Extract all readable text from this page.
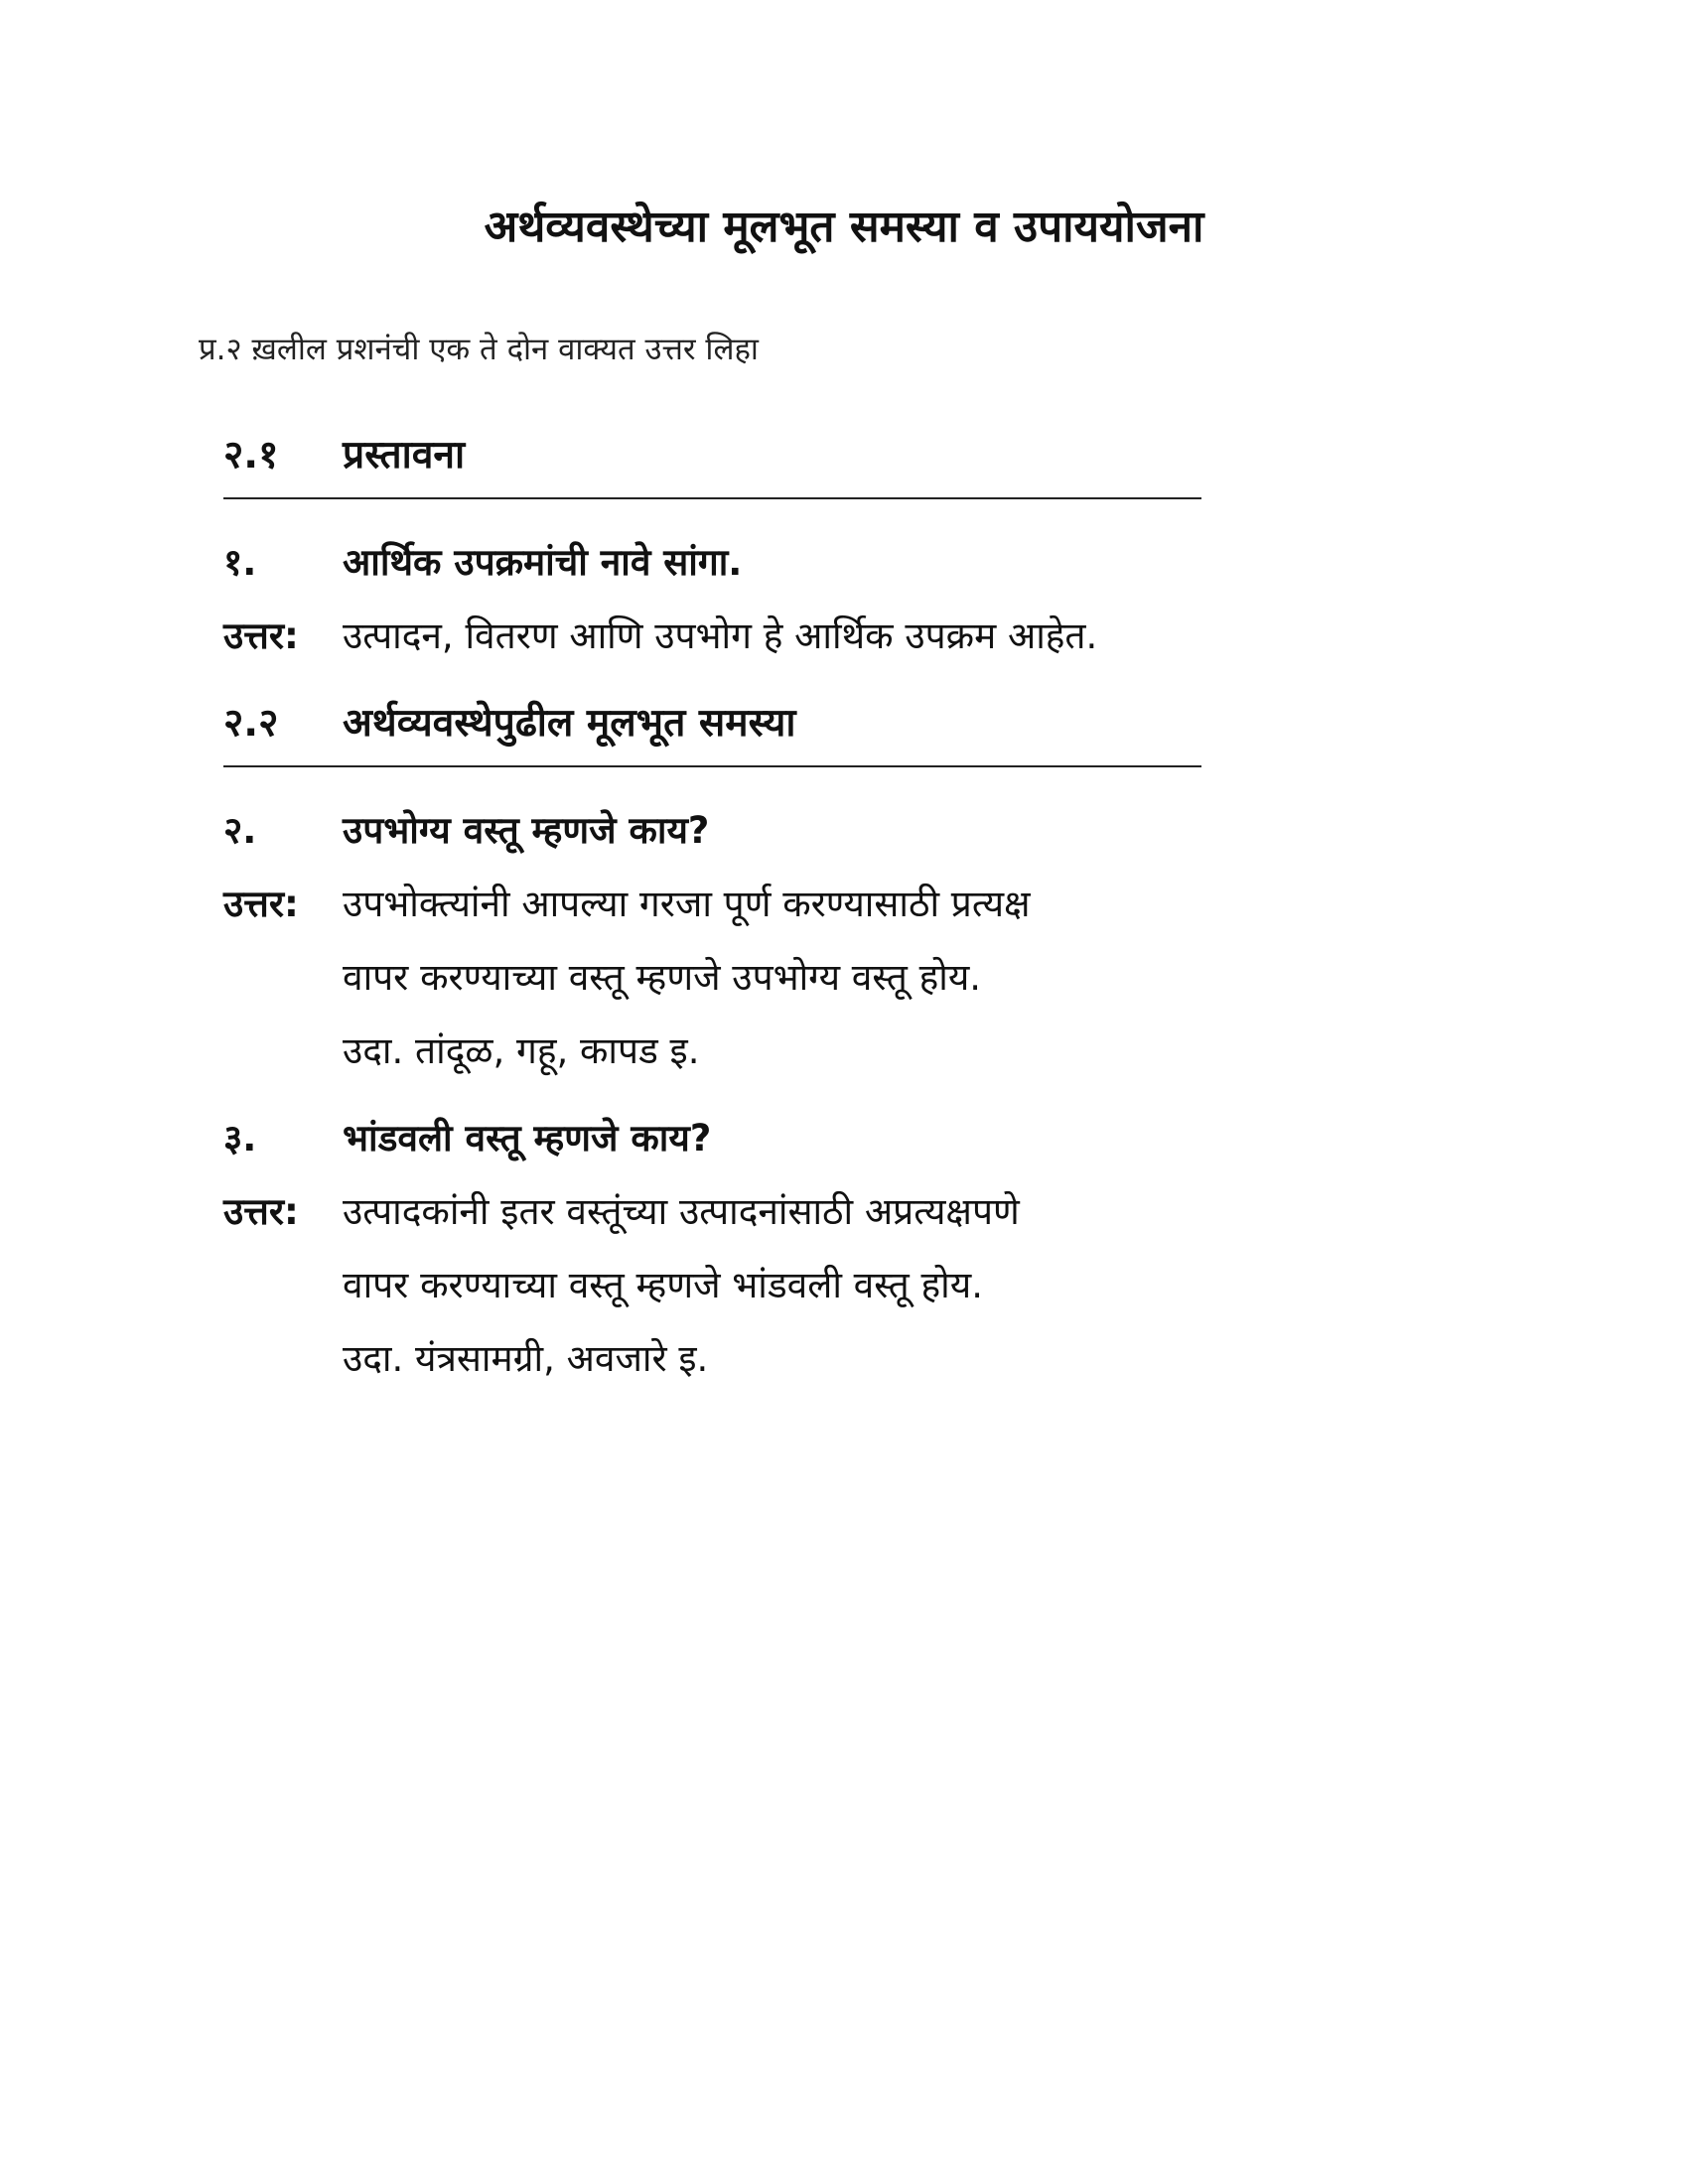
अर्थव्यवस्थेच्या मूलभूत समस्या व उपाययोजना
प्र.२ ख़लील प्रशनंची एक ते दोन वाक्यत उत्तर लिहा
२.१	प्रस्तावना
१.	आर्थिक उपक्रमांची नावे सांगा.
उत्तर:	उत्पादन, वितरण आणि उपभोग हे आर्थिक उपक्रम आहेत.
२.२	अर्थव्यवस्थेपुढील मूलभूत समस्या
२.	उपभोग्य वस्तू म्हणजे काय?
उत्तर:	उपभोक्त्यांनी आपल्या गरजा पूर्ण करण्यासाठी प्रत्यक्ष
वापर करण्याच्या वस्तू म्हणजे उपभोग्य वस्तू होय.
उदा. तांदूळ, गहू, कापड इ.
३.	भांडवली वस्तू म्हणजे काय?
उत्तर:	उत्पादकांनी इतर वस्तूंच्या उत्पादनांसाठी अप्रत्यक्षपणे
वापर करण्याच्या वस्तू म्हणजे भांडवली वस्तू होय.
उदा. यंत्रसामग्री, अवजारे इ.
